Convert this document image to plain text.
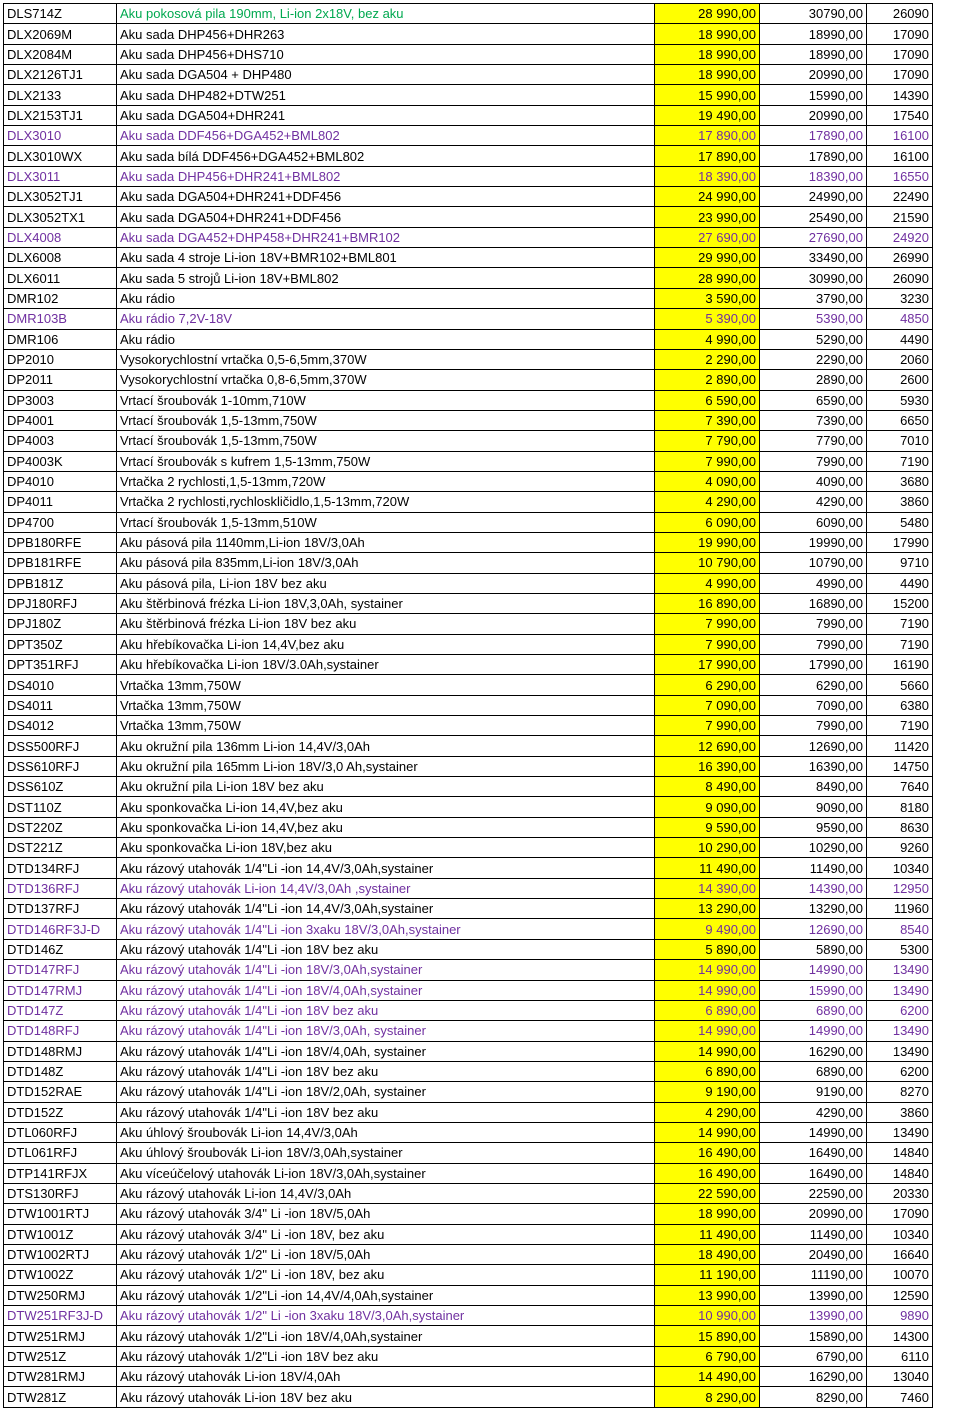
DLS714Z	Aku pokosová pila 190mm, Li-ion 2x18V, bez aku	28 990,00	30790,00	26090
DLX2069M	Aku sada DHP456+DHR263	18 990,00	18990,00	17090
DLX2084M	Aku sada DHP456+DHS710	18 990,00	18990,00	17090
DLX2126TJ1	Aku sada DGA504 + DHP480	18 990,00	20990,00	17090
DLX2133	Aku sada DHP482+DTW251	15 990,00	15990,00	14390
DLX2153TJ1	Aku sada DGA504+DHR241	19 490,00	20990,00	17540
DLX3010	Aku sada DDF456+DGA452+BML802	17 890,00	17890,00	16100
DLX3010WX	Aku sada bílá DDF456+DGA452+BML802	17 890,00	17890,00	16100
DLX3011	Aku sada DHP456+DHR241+BML802	18 390,00	18390,00	16550
DLX3052TJ1	Aku sada DGA504+DHR241+DDF456	24 990,00	24990,00	22490
DLX3052TX1	Aku sada DGA504+DHR241+DDF456	23 990,00	25490,00	21590
DLX4008	Aku sada DGA452+DHP458+DHR241+BMR102	27 690,00	27690,00	24920
DLX6008	Aku sada 4 stroje Li-ion 18V+BMR102+BML801	29 990,00	33490,00	26990
DLX6011	Aku sada 5 strojů Li-ion 18V+BML802	28 990,00	30990,00	26090
DMR102	Aku rádio	3 590,00	3790,00	3230
DMR103B	Aku rádio 7,2V-18V	5 390,00	5390,00	4850
DMR106	Aku rádio	4 990,00	5290,00	4490
DP2010	Vysokorychlostní vrtačka 0,5-6,5mm,370W	2 290,00	2290,00	2060
DP2011	Vysokorychlostní vrtačka 0,8-6,5mm,370W	2 890,00	2890,00	2600
DP3003	Vrtací šroubovák 1-10mm,710W	6 590,00	6590,00	5930
DP4001	Vrtací šroubovák 1,5-13mm,750W	7 390,00	7390,00	6650
DP4003	Vrtací šroubovák 1,5-13mm,750W	7 790,00	7790,00	7010
DP4003K	Vrtací šroubovák s kufrem 1,5-13mm,750W	7 990,00	7990,00	7190
DP4010	Vrtačka 2 rychlosti,1,5-13mm,720W	4 090,00	4090,00	3680
DP4011	Vrtačka 2 rychlosti,rychloskličidlo,1,5-13mm,720W	4 290,00	4290,00	3860
DP4700	Vrtací šroubovák 1,5-13mm,510W	6 090,00	6090,00	5480
DPB180RFE	Aku pásová pila 1140mm,Li-ion 18V/3,0Ah	19 990,00	19990,00	17990
DPB181RFE	Aku pásová pila 835mm,Li-ion 18V/3,0Ah	10 790,00	10790,00	9710
DPB181Z	Aku pásová pila, Li-ion 18V bez aku	4 990,00	4990,00	4490
DPJ180RFJ	Aku štěrbinová frézka Li-ion 18V,3,0Ah, systainer	16 890,00	16890,00	15200
DPJ180Z	Aku štěrbinová frézka Li-ion 18V bez aku	7 990,00	7990,00	7190
DPT350Z	Aku hřebíkovačka Li-ion 14,4V,bez aku	7 990,00	7990,00	7190
DPT351RFJ	Aku hřebíkovačka Li-ion 18V/3.0Ah,systainer	17 990,00	17990,00	16190
DS4010	Vrtačka 13mm,750W	6 290,00	6290,00	5660
DS4011	Vrtačka 13mm,750W	7 090,00	7090,00	6380
DS4012	Vrtačka 13mm,750W	7 990,00	7990,00	7190
DSS500RFJ	Aku okružní pila 136mm Li-ion 14,4V/3,0Ah	12 690,00	12690,00	11420
DSS610RFJ	Aku okružní pila 165mm Li-ion 18V/3,0 Ah,systainer	16 390,00	16390,00	14750
DSS610Z	Aku okružní pila Li-ion 18V bez aku	8 490,00	8490,00	7640
DST110Z	Aku sponkovačka Li-ion 14,4V,bez aku	9 090,00	9090,00	8180
DST220Z	Aku sponkovačka Li-ion 14,4V,bez aku	9 590,00	9590,00	8630
DST221Z	Aku sponkovačka Li-ion 18V,bez aku	10 290,00	10290,00	9260
DTD134RFJ	Aku rázový utahovák 1/4"Li -ion 14,4V/3,0Ah,systainer	11 490,00	11490,00	10340
DTD136RFJ	Aku rázový utahovák Li-ion 14,4V/3,0Ah ,systainer	14 390,00	14390,00	12950
DTD137RFJ	Aku rázový utahovák 1/4"Li -ion 14,4V/3,0Ah,systainer	13 290,00	13290,00	11960
DTD146RF3J-D	Aku rázový utahovák 1/4"Li -ion 3xaku 18V/3,0Ah,systainer	9 490,00	12690,00	8540
DTD146Z	Aku rázový utahovák 1/4"Li -ion 18V bez aku	5 890,00	5890,00	5300
DTD147RFJ	Aku rázový utahovák 1/4"Li -ion 18V/3,0Ah,systainer	14 990,00	14990,00	13490
DTD147RMJ	Aku rázový utahovák 1/4"Li -ion 18V/4,0Ah,systainer	14 990,00	15990,00	13490
DTD147Z	Aku rázový utahovák 1/4"Li -ion 18V bez aku	6 890,00	6890,00	6200
DTD148RFJ	Aku rázový utahovák 1/4"Li -ion 18V/3,0Ah, systainer	14 990,00	14990,00	13490
DTD148RMJ	Aku rázový utahovák 1/4"Li -ion 18V/4,0Ah, systainer	14 990,00	16290,00	13490
DTD148Z	Aku rázový utahovák 1/4"Li -ion 18V bez aku	6 890,00	6890,00	6200
DTD152RAE	Aku rázový utahovák 1/4"Li -ion 18V/2,0Ah, systainer	9 190,00	9190,00	8270
DTD152Z	Aku rázový utahovák 1/4"Li -ion 18V bez aku	4 290,00	4290,00	3860
DTL060RFJ	Aku úhlový šroubovák Li-ion 14,4V/3,0Ah	14 990,00	14990,00	13490
DTL061RFJ	Aku úhlový šroubovák Li-ion 18V/3,0Ah,systainer	16 490,00	16490,00	14840
DTP141RFJX	Aku víceúčelový utahovák Li-ion 18V/3,0Ah,systainer	16 490,00	16490,00	14840
DTS130RFJ	Aku rázový utahovák Li-ion 14,4V/3,0Ah	22 590,00	22590,00	20330
DTW1001RTJ	Aku rázový utahovák 3/4" Li -ion 18V/5,0Ah	18 990,00	20990,00	17090
DTW1001Z	Aku rázový utahovák 3/4" Li -ion 18V, bez aku	11 490,00	11490,00	10340
DTW1002RTJ	Aku rázový utahovák 1/2" Li -ion 18V/5,0Ah	18 490,00	20490,00	16640
DTW1002Z	Aku rázový utahovák 1/2" Li -ion 18V, bez aku	11 190,00	11190,00	10070
DTW250RMJ	Aku rázový utahovák 1/2"Li -ion 14,4V/4,0Ah,systainer	13 990,00	13990,00	12590
DTW251RF3J-D	Aku rázový utahovák 1/2" Li -ion 3xaku 18V/3,0Ah,systainer	10 990,00	13990,00	9890
DTW251RMJ	Aku rázový utahovák 1/2"Li -ion 18V/4,0Ah,systainer	15 890,00	15890,00	14300
DTW251Z	Aku rázový utahovák 1/2"Li -ion 18V bez aku	6 790,00	6790,00	6110
DTW281RMJ	Aku rázový utahovák Li-ion 18V/4,0Ah	14 490,00	16290,00	13040
DTW281Z	Aku rázový utahovák Li-ion 18V bez aku	8 290,00	8290,00	7460
